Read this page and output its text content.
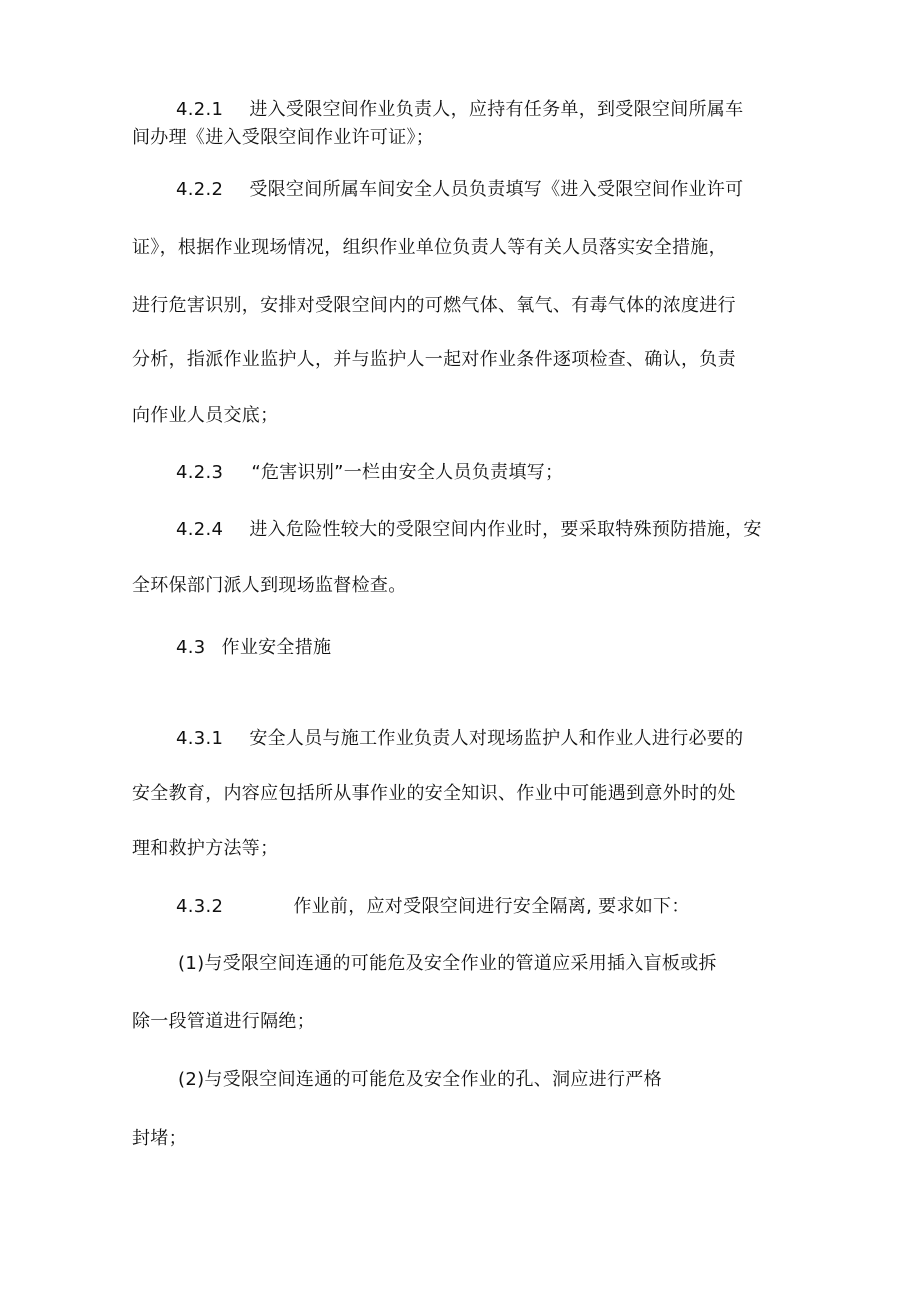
4.2.1 进入受限空间作业负责人，应持有任务单，到受限空间所属车
间办理《进入受限空间作业许可证》；
4.2.2 受限空间所属车间安全人员负责填写《进入受限空间作业许可
证》，根据作业现场情况，组织作业单位负责人等有关人员落实安全措施，
进行危害识别，安排对受限空间内的可燃气体、氧气、有毒气体的浓度进行
分析，指派作业监护人，并与监护人一起对作业条件逐项检查、确认，负责
向作业人员交底；
4.2.3 “危害识别”一栏由安全人员负责填写；
4.2.4 进入危险性较大的受限空间内作业时，要采取特殊预防措施，安
全环保部门派人到现场监督检查。
4.3 作业安全措施
4.3.1 安全人员与施工作业负责人对现场监护人和作业人进行必要的
安全教育，内容应包括所从事作业的安全知识、作业中可能遇到意外时的处
理和救护方法等；
4.3.2	作业前，应对受限空间进行安全隔离, 要求如下：
(1)与受限空间连通的可能危及安全作业的管道应采用插入盲板或拆
除一段管道进行隔绝；
(2)与受限空间连通的可能危及安全作业的孔、洞应进行严格
封堵；
